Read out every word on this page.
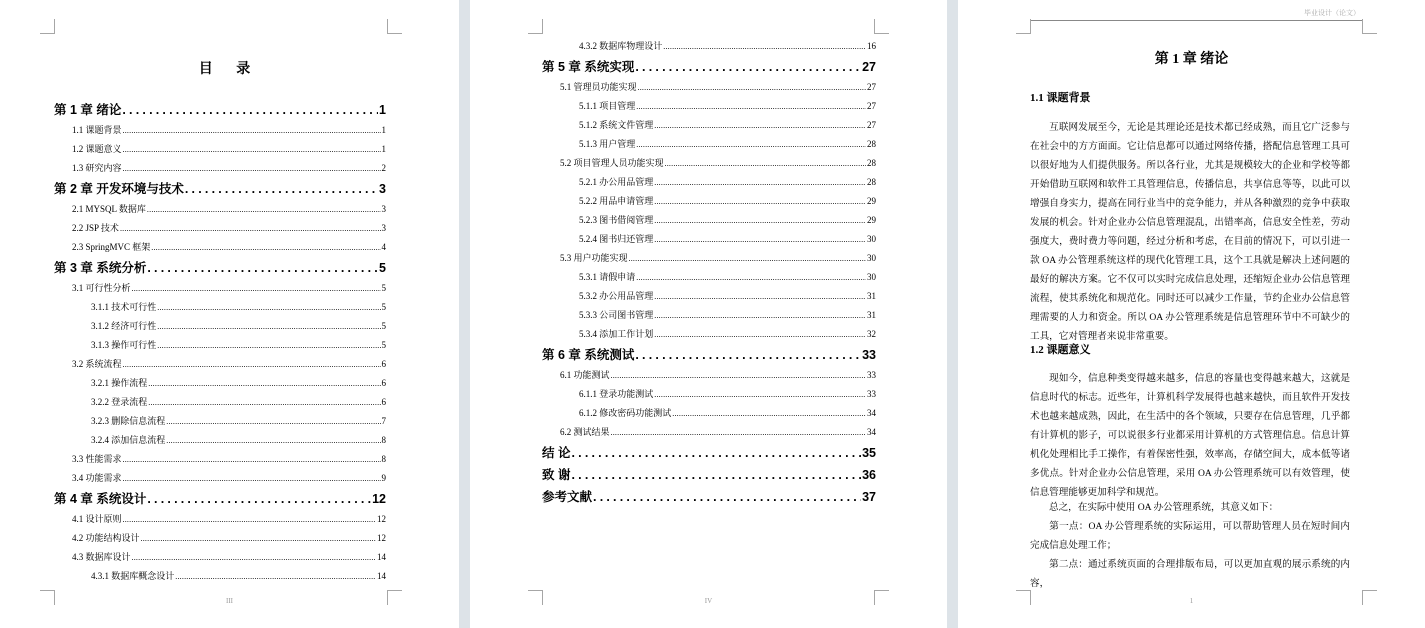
目 录
第 1 章 绪论 .....	1
1.1 课题背景 .....	1
1.2 课题意义 .....	1
1.3 研究内容 .....	2
第 2 章 开发环境与技术 .....	3
2.1 MYSQL 数据库 .....	3
2.2 JSP 技术 .....	3
2.3 SpringMVC 框架 .....	4
第 3 章 系统分析 .....	5
3.1 可行性分析 .....	5
3.1.1 技术可行性 .....	5
3.1.2 经济可行性 .....	5
3.1.3 操作可行性 .....	5
3.2 系统流程 .....	6
3.2.1 操作流程 .....	6
3.2.2 登录流程 .....	6
3.2.3 删除信息流程 .....	7
3.2.4 添加信息流程 .....	8
3.3 性能需求 .....	8
3.4 功能需求 .....	9
第 4 章 系统设计 .....	12
4.1 设计原则 .....	12
4.2 功能结构设计 .....	12
4.3 数据库设计 .....	14
4.3.1 数据库概念设计 .....	14
III
4.3.2 数据库物理设计 .....	16
第 5 章 系统实现 .....	27
5.1 管理员功能实现 .....	27
5.1.1 项目管理 .....	27
5.1.2 系统文件管理 .....	27
5.1.3 用户管理 .....	28
5.2 项目管理人员功能实现 .....	28
5.2.1 办公用品管理 .....	28
5.2.2 用品申请管理 .....	29
5.2.3 图书借阅管理 .....	29
5.2.4 图书归还管理 .....	30
5.3 用户功能实现 .....	30
5.3.1 请假申请 .....	30
5.3.2 办公用品管理 .....	31
5.3.3 公司图书管理 .....	31
5.3.4 添加工作计划 .....	32
第 6 章 系统测试 .....	33
6.1 功能测试 .....	33
6.1.1 登录功能测试 .....	33
6.1.2 修改密码功能测试 .....	34
6.2 测试结果 .....	34
结 论 .....	35
致 谢 .....	36
参考文献 .....	37
IV
毕业设计（论文）
第 1 章 绪论
1.1 课题背景
互联网发展至今，无论是其理论还是技术都已经成熟，而且它广泛参与在社会中的方方面面。它让信息都可以通过网络传播，搭配信息管理工具可以很好地为人们提供服务。所以各行业，尤其是规模较大的企业和学校等都开始借助互联网和软件工具管理信息，传播信息，共享信息等等，以此可以增强自身实力，提高在同行业当中的竞争能力，并从各种激烈的竞争中获取发展的机会。针对企业办公信息管理混乱，出错率高，信息安全性差，劳动强度大，费时费力等问题，经过分析和考虑，在目前的情况下，可以引进一款 OA 办公管理系统这样的现代化管理工具，这个工具就是解决上述问题的最好的解决方案。它不仅可以实时完成信息处理，还缩短企业办公信息管理流程，使其系统化和规范化。同时还可以减少工作量，节约企业办公信息管理需要的人力和资金。所以 OA 办公管理系统是信息管理环节中不可缺少的工具，它对管理者来说非常重要。
1.2 课题意义
现如今，信息种类变得越来越多，信息的容量也变得越来越大，这就是信息时代的标志。近些年，计算机科学发展得也越来越快，而且软件开发技术也越来越成熟，因此，在生活中的各个领域，只要存在信息管理，几乎都有计算机的影子，可以说很多行业都采用计算机的方式管理信息。信息计算机化处理相比手工操作，有着保密性强，效率高，存储空间大，成本低等诸多优点。针对企业办公信息管理，采用 OA 办公管理系统可以有效管理，使信息管理能够更加科学和规范。
总之，在实际中使用 OA 办公管理系统，其意义如下：
第一点：OA 办公管理系统的实际运用，可以帮助管理人员在短时间内完成信息处理工作；
第二点：通过系统页面的合理排版布局，可以更加直观的展示系统的内容，
1
